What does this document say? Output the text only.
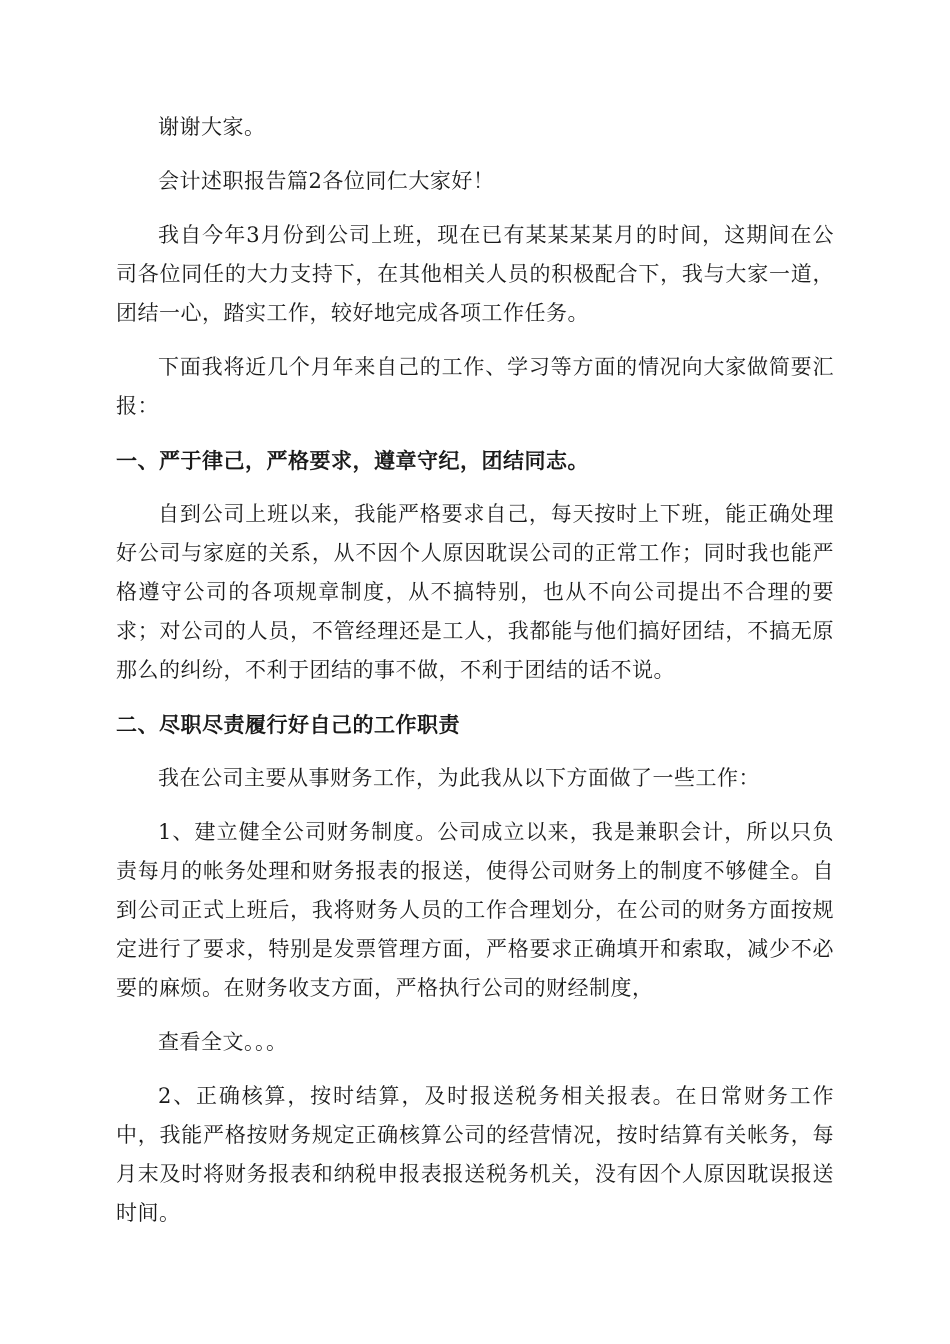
谢谢大家。

会计述职报告篇2各位同仁大家好！

我自今年3月份到公司上班，现在已有某某某某月的时间，这期间在公司各位同任的大力支持下，在其他相关人员的积极配合下，我与大家一道，团结一心，踏实工作，较好地完成各项工作任务。

下面我将近几个月年来自己的工作、学习等方面的情况向大家做简要汇报：

一、严于律己，严格要求，遵章守纪，团结同志。

自到公司上班以来，我能严格要求自己，每天按时上下班，能正确处理好公司与家庭的关系，从不因个人原因耽误公司的正常工作；同时我也能严格遵守公司的各项规章制度，从不搞特别，也从不向公司提出不合理的要求；对公司的人员，不管经理还是工人，我都能与他们搞好团结，不搞无原那么的纠纷，不利于团结的事不做，不利于团结的话不说。

二、尽职尽责履行好自己的工作职责

我在公司主要从事财务工作，为此我从以下方面做了一些工作：

1、建立健全公司财务制度。公司成立以来，我是兼职会计，所以只负责每月的帐务处理和财务报表的报送，使得公司财务上的制度不够健全。自到公司正式上班后，我将财务人员的工作合理划分，在公司的财务方面按规定进行了要求，特别是发票管理方面，严格要求正确填开和索取，减少不必要的麻烦。在财务收支方面，严格执行公司的财经制度，

查看全文。。。

2、正确核算，按时结算，及时报送税务相关报表。在日常财务工作中，我能严格按财务规定正确核算公司的经营情况，按时结算有关帐务，每月末及时将财务报表和纳税申报表报送税务机关，没有因个人原因耽误报送时间。
